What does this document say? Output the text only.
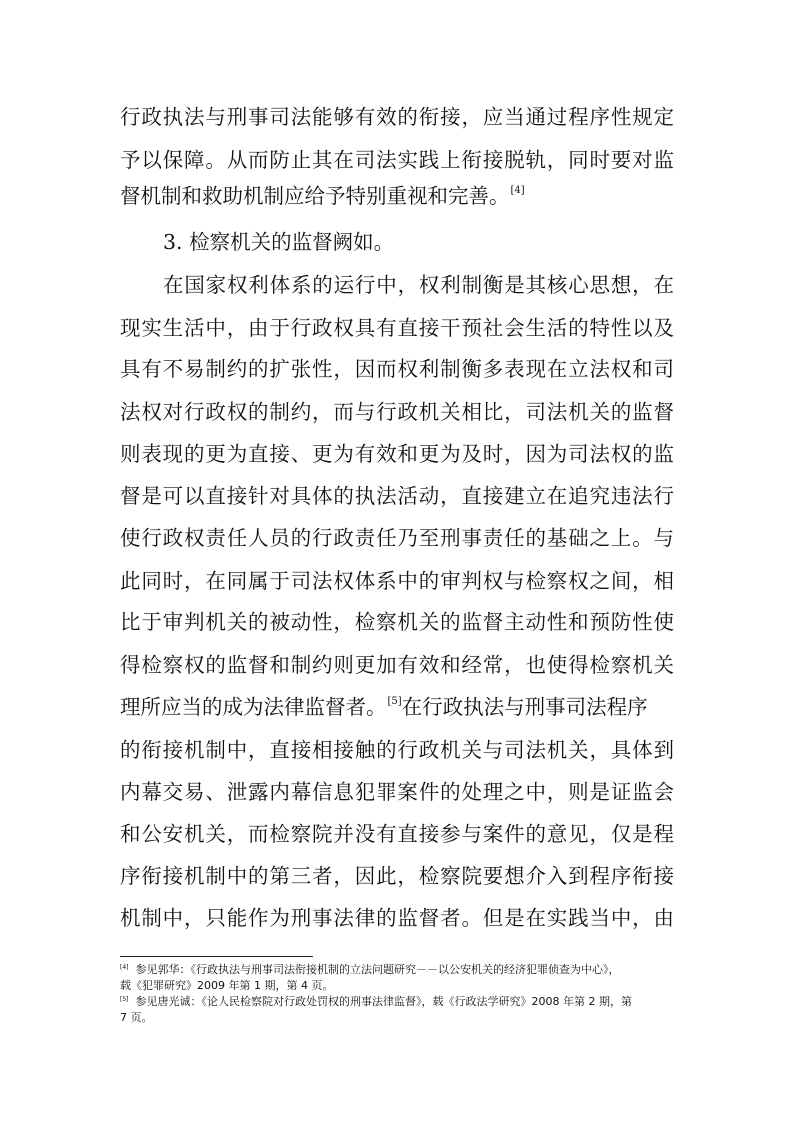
行政执法与刑事司法能够有效的衔接，应当通过程序性规定
予以保障。从而防止其在司法实践上衔接脱轨，同时要对监
督机制和救助机制应给予特别重视和完善。[4]
3. 检察机关的监督阙如。
在国家权利体系的运行中，权利制衡是其核心思想，在
现实生活中，由于行政权具有直接干预社会生活的特性以及
具有不易制约的扩张性，因而权利制衡多表现在立法权和司
法权对行政权的制约，而与行政机关相比，司法机关的监督
则表现的更为直接、更为有效和更为及时，因为司法权的监
督是可以直接针对具体的执法活动，直接建立在追究违法行
使行政权责任人员的行政责任乃至刑事责任的基础之上。与
此同时，在同属于司法权体系中的审判权与检察权之间，相
比于审判机关的被动性，检察机关的监督主动性和预防性使
得检察权的监督和制约则更加有效和经常，也使得检察机关
理所应当的成为法律监督者。[5]在行政执法与刑事司法程序
的衔接机制中，直接相接触的行政机关与司法机关，具体到
内幕交易、泄露内幕信息犯罪案件的处理之中，则是证监会
和公安机关，而检察院并没有直接参与案件的意见，仅是程
序衔接机制中的第三者，因此，检察院要想介入到程序衔接
机制中，只能作为刑事法律的监督者。但是在实践当中，由
[4] 参见郭华：《行政执法与刑事司法衔接机制的立法问题研究－－以公安机关的经济犯罪侦查为中心》，
载《犯罪研究》2009 年第 1 期，第 4 页。
[5] 参见唐光诚：《论人民检察院对行政处罚权的刑事法律监督》，载《行政法学研究》2008 年第 2 期，第
7 页。
